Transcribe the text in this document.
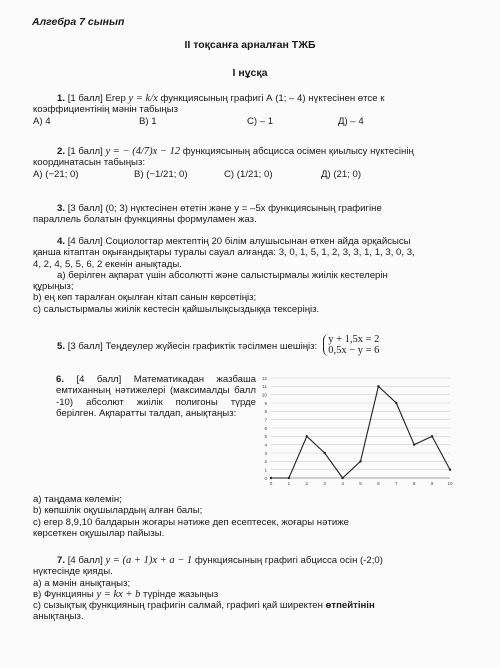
Алгебра 7 сынып
ІІ тоқсанға арналған ТЖБ
І нұсқа

1. [1 балл] Егер y = k/x функциясының графигі А (1; – 4) нүктесінен өтсе к

коэффициентінің мәнін табыңыз

А) 4	В) 1	С) – 1	Д) – 4

2. [1 балл] y = − (4/7)x − 12 функциясының абсцисса осімен қиылысу нүктесінің

координатасын табыңыз:

А) (−21; 0)	В) (−1/21; 0)	С) (1/21; 0)	Д) (21; 0)

3. [3 балл] (0; 3) нүктесінен өтетін және у = –5х функциясының графигіне

параллель болатын функцияны формуламен жаз.

4. [4 балл] Социологтар мектептің 20 білім алушысынан өткен айда әрқайсысы

қанша кітаптан оқығандықтары туралы сауал алғанда: 3, 0, 1, 5, 1, 2, 3, 3, 1, 1, 3, 0, 3,

4, 2, 4, 5, 5, 6, 2 екенін анықтады.

а) берілген ақпарат үшін абсолютті және салыстырмалы жиілік кестелерін

құрыңыз;

b) ең көп таралған оқылған кітап санын көрсетіңіз;

с) салыстырмалы жиілік кестесін қайшылықсыздыққа тексеріңіз.

5. [3 балл] Теңдеулер жүйесін графиктік тәсілмен шешіңіз:
y + 1,5x = 2
0,5x − y = 6

6. [4 балл] Математикадан жазбаша емтиханның нәтижелері (максималды балл -10) абсолют жиілік полигоны түрде берілген. Ақпаратты талдап, анықтаңыз:
0
1
2
3
4
5
6
7
8
9
10
11
12
0	1	2	3	4	5	6	7	8	9	10

а) таңдама көлемін;

b) көпшілік оқушылардың алған балы;

с) егер 8,9,10 балдарын жоғары нәтиже деп есептесек, жоғары нәтиже

көрсеткен оқушылар пайызы.

7. [4 балл] y = (a + 1)x + a − 1 функциясының графигі абцисса осін (-2;0)

нүктесінде қияды.

а) а мәнін анықтаңыз;

в) Функцияны y = kx + b түрінде жазыңыз

с) сызықтық функцияның графигін салмай, графигі қай ширектен өтпейтінін

анықтаңыз.
